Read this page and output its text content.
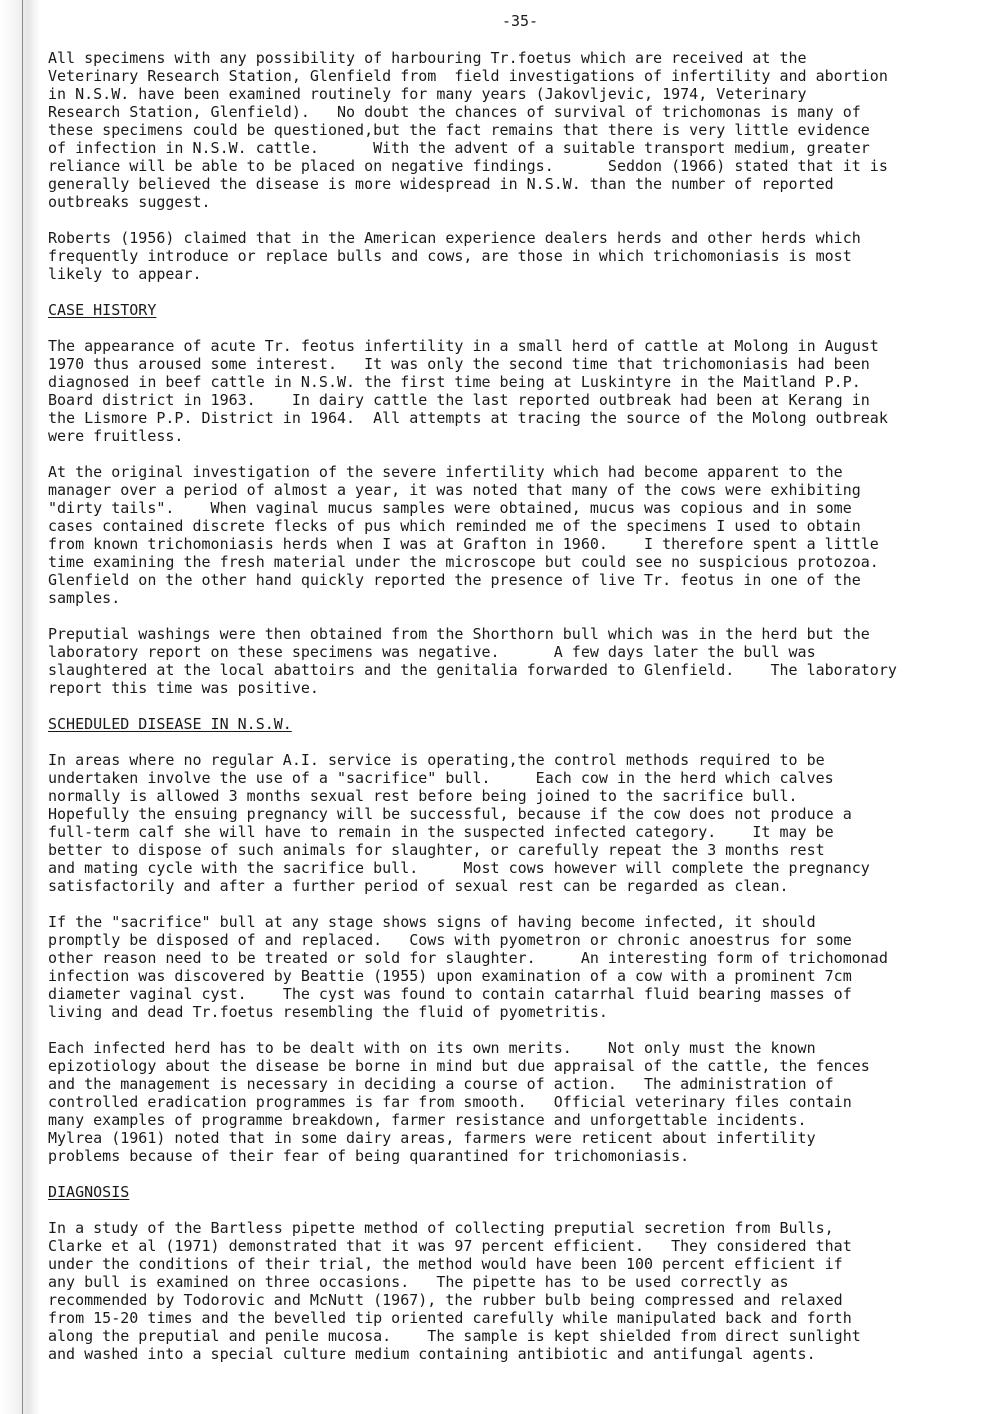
-35-
All specimens with any possibility of harbouring Tr.foetus which are received at the
Veterinary Research Station, Glenfield from  field investigations of infertility and abortion
in N.S.W. have been examined routinely for many years (Jakovljevic, 1974, Veterinary
Research Station, Glenfield).   No doubt the chances of survival of trichomonas is many of
these specimens could be questioned,but the fact remains that there is very little evidence
of infection in N.S.W. cattle.      With the advent of a suitable transport medium, greater
reliance will be able to be placed on negative findings.      Seddon (1966) stated that it is
generally believed the disease is more widespread in N.S.W. than the number of reported
outbreaks suggest.
Roberts (1956) claimed that in the American experience dealers herds and other herds which
frequently introduce or replace bulls and cows, are those in which trichomoniasis is most
likely to appear.
CASE HISTORY
The appearance of acute Tr. feotus infertility in a small herd of cattle at Molong in August
1970 thus aroused some interest.   It was only the second time that trichomoniasis had been
diagnosed in beef cattle in N.S.W. the first time being at Luskintyre in the Maitland P.P.
Board district in 1963.    In dairy cattle the last reported outbreak had been at Kerang in
the Lismore P.P. District in 1964.  All attempts at tracing the source of the Molong outbreak
were fruitless.
At the original investigation of the severe infertility which had become apparent to the
manager over a period of almost a year, it was noted that many of the cows were exhibiting
"dirty tails".    When vaginal mucus samples were obtained, mucus was copious and in some
cases contained discrete flecks of pus which reminded me of the specimens I used to obtain
from known trichomoniasis herds when I was at Grafton in 1960.    I therefore spent a little
time examining the fresh material under the microscope but could see no suspicious protozoa.
Glenfield on the other hand quickly reported the presence of live Tr. feotus in one of the
samples.
Preputial washings were then obtained from the Shorthorn bull which was in the herd but the
laboratory report on these specimens was negative.      A few days later the bull was
slaughtered at the local abattoirs and the genitalia forwarded to Glenfield.    The laboratory
report this time was positive.
SCHEDULED DISEASE IN N.S.W.
In areas where no regular A.I. service is operating,the control methods required to be
undertaken involve the use of a "sacrifice" bull.     Each cow in the herd which calves
normally is allowed 3 months sexual rest before being joined to the sacrifice bull.
Hopefully the ensuing pregnancy will be successful, because if the cow does not produce a
full-term calf she will have to remain in the suspected infected category.    It may be
better to dispose of such animals for slaughter, or carefully repeat the 3 months rest
and mating cycle with the sacrifice bull.     Most cows however will complete the pregnancy
satisfactorily and after a further period of sexual rest can be regarded as clean.
If the "sacrifice" bull at any stage shows signs of having become infected, it should
promptly be disposed of and replaced.   Cows with pyometron or chronic anoestrus for some
other reason need to be treated or sold for slaughter.     An interesting form of trichomonad
infection was discovered by Beattie (1955) upon examination of a cow with a prominent 7cm
diameter vaginal cyst.    The cyst was found to contain catarrhal fluid bearing masses of
living and dead Tr.foetus resembling the fluid of pyometritis.
Each infected herd has to be dealt with on its own merits.    Not only must the known
epizotiology about the disease be borne in mind but due appraisal of the cattle, the fences
and the management is necessary in deciding a course of action.   The administration of
controlled eradication programmes is far from smooth.   Official veterinary files contain
many examples of programme breakdown, farmer resistance and unforgettable incidents.
Mylrea (1961) noted that in some dairy areas, farmers were reticent about infertility
problems because of their fear of being quarantined for trichomoniasis.
DIAGNOSIS
In a study of the Bartless pipette method of collecting preputial secretion from Bulls,
Clarke et al (1971) demonstrated that it was 97 percent efficient.   They considered that
under the conditions of their trial, the method would have been 100 percent efficient if
any bull is examined on three occasions.   The pipette has to be used correctly as
recommended by Todorovic and McNutt (1967), the rubber bulb being compressed and relaxed
from 15-20 times and the bevelled tip oriented carefully while manipulated back and forth
along the preputial and penile mucosa.    The sample is kept shielded from direct sunlight
and washed into a special culture medium containing antibiotic and antifungal agents.
